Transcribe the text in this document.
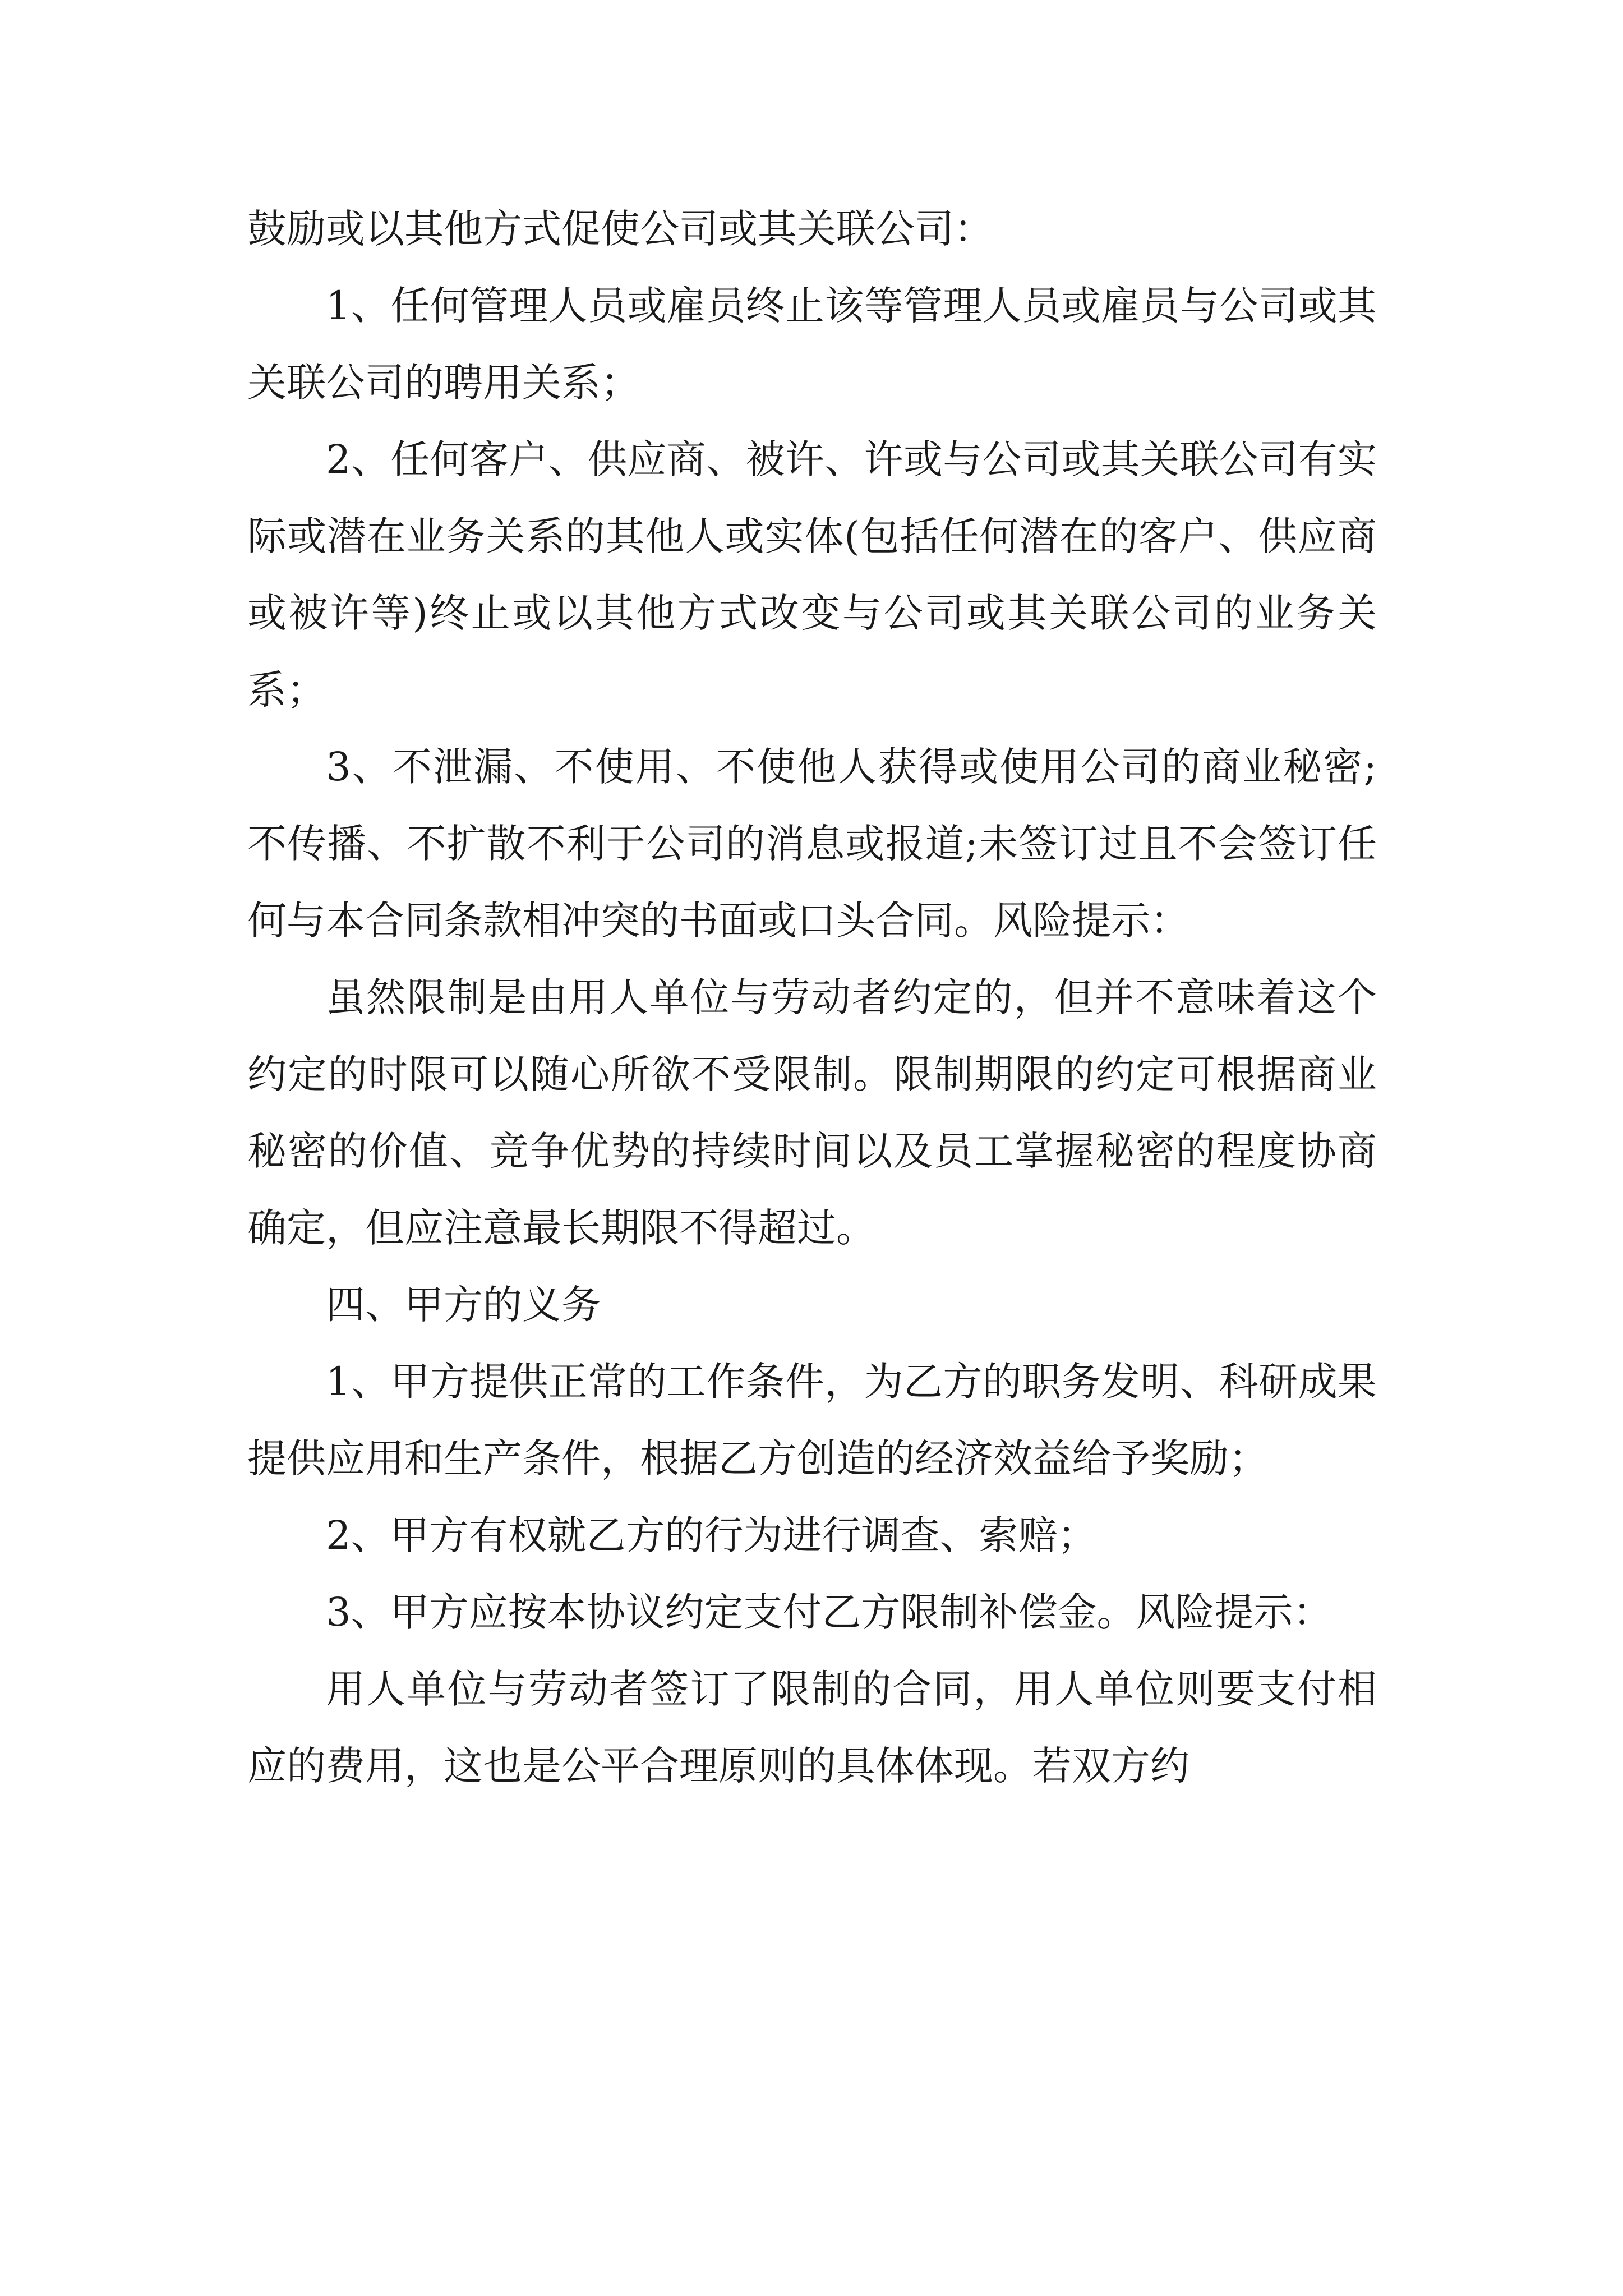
鼓励或以其他方式促使公司或其关联公司：

1、任何管理人员或雇员终止该等管理人员或雇员与公司或其关联公司的聘用关系；

2、任何客户、供应商、被许、许或与公司或其关联公司有实际或潜在业务关系的其他人或实体(包括任何潜在的客户、供应商或被许等)终止或以其他方式改变与公司或其关联公司的业务关系；

3、不泄漏、不使用、不使他人获得或使用公司的商业秘密;不传播、不扩散不利于公司的消息或报道;未签订过且不会签订任何与本合同条款相冲突的书面或口头合同。风险提示：

虽然限制是由用人单位与劳动者约定的，但并不意味着这个约定的时限可以随心所欲不受限制。限制期限的约定可根据商业秘密的价值、竞争优势的持续时间以及员工掌握秘密的程度协商确定，但应注意最长期限不得超过。

四、甲方的义务

1、甲方提供正常的工作条件，为乙方的职务发明、科研成果提供应用和生产条件，根据乙方创造的经济效益给予奖励；

2、甲方有权就乙方的行为进行调查、索赔；

3、甲方应按本协议约定支付乙方限制补偿金。风险提示：

用人单位与劳动者签订了限制的合同，用人单位则要支付相应的费用，这也是公平合理原则的具体体现。若双方约
